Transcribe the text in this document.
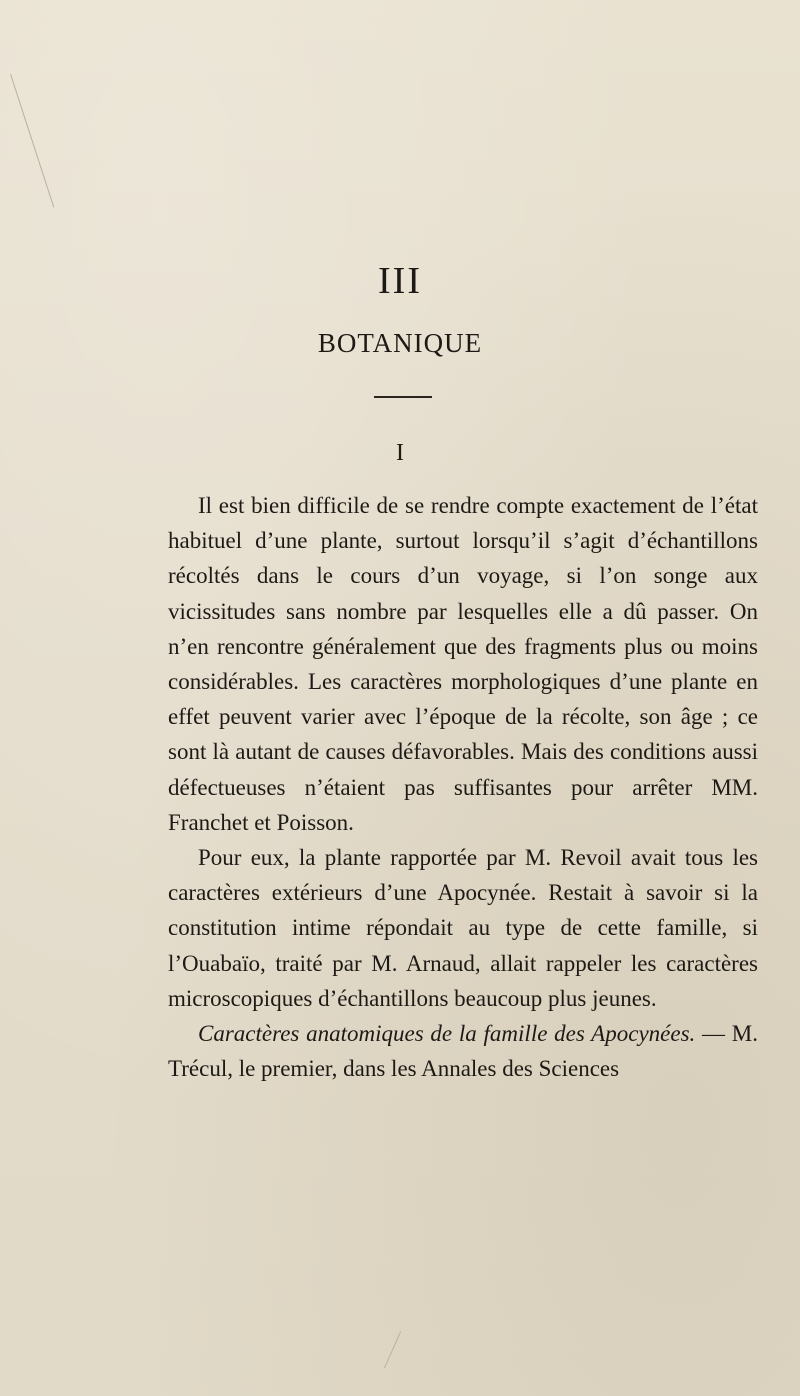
III
BOTANIQUE
I

Il est bien difficile de se rendre compte exactement de l’état habituel d’une plante, surtout lorsqu’il s’agit d’échantillons récoltés dans le cours d’un voyage, si l’on songe aux vicissitudes sans nombre par lesquelles elle a dû passer. On n’en rencontre généralement que des fragments plus ou moins considérables. Les caractères morphologiques d’une plante en effet peuvent varier avec l’époque de la récolte, son âge ; ce sont là autant de causes défavorables. Mais des conditions aussi défectueuses n’étaient pas suffisantes pour arrêter MM. Franchet et Poisson.

Pour eux, la plante rapportée par M. Revoil avait tous les caractères extérieurs d’une Apocynée. Restait à savoir si la constitution intime répondait au type de cette famille, si l’Ouabaïo, traité par M. Arnaud, allait rappeler les caractères microscopiques d’échantillons beaucoup plus jeunes.

Caractères anatomiques de la famille des Apocynées. — M. Trécul, le premier, dans les Annales des Sciences
